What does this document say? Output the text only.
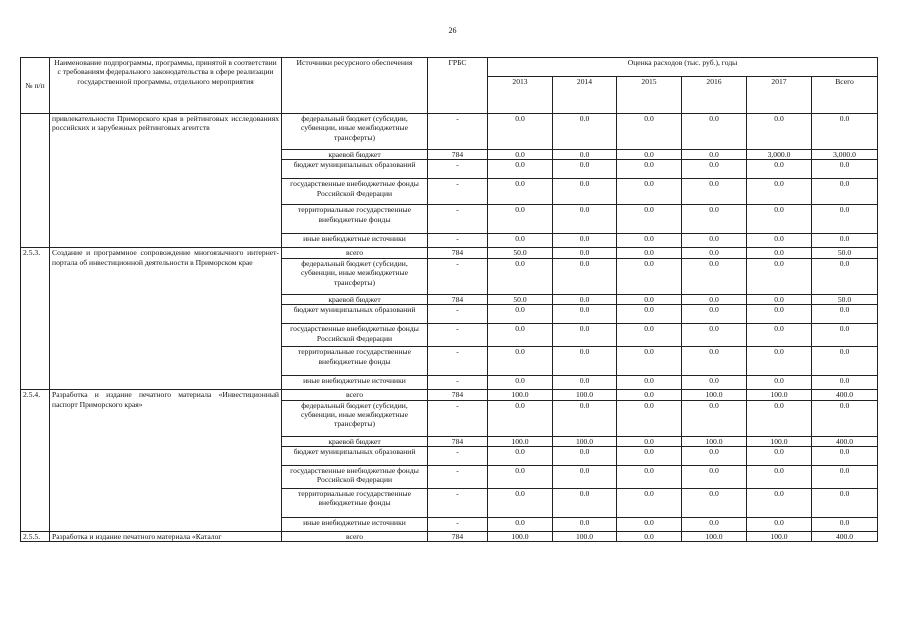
26
№ п/п	Наименование подпрограммы, программы, принятой в соответствии с требованиям федерального законодательства в сфере реализации государственной программы, отдельного мероприятия	Источники ресурсного обеспечения	ГРБС	Оценка расходов (тыс. руб.), годы					
				2013	2014	2015	2016	2017	Всего
	привлекательности Приморского края в рейтинговых исследованиях российских и зарубежных рейтинговых агентств	федеральный бюджет (субсидии, субвенции, иные межбюджетные трансферты)	-	0.0	0.0	0.0	0.0	0.0	0.0
		краевой бюджет	784	0.0	0.0	0.0	0.0	3,000.0	3,000.0
		бюджет муниципальных образований	-	0.0	0.0	0.0	0.0	0.0	0.0
		государственные внебюджетные фонды Российской Федерации	-	0.0	0.0	0.0	0.0	0.0	0.0
		территориальные государственные внебюджетные фонды	-	0.0	0.0	0.0	0.0	0.0	0.0
		иные внебюджетные источники	-	0.0	0.0	0.0	0.0	0.0	0.0
2.5.3.	Создание и программное сопровождение многоязычного интернет-портала об инвестиционной деятельности в Приморском крае	всего	784	50.0	0.0	0.0	0.0	0.0	50.0
		федеральный бюджет (субсидии, субвенции, иные межбюджетные трансферты)	-	0.0	0.0	0.0	0.0	0.0	0.0
		краевой бюджет	784	50.0	0.0	0.0	0.0	0.0	50.0
		бюджет муниципальных образований	-	0.0	0.0	0.0	0.0	0.0	0.0
		государственные внебюджетные фонды Российской Федерации	-	0.0	0.0	0.0	0.0	0.0	0.0
		территориальные государственные внебюджетные фонды	-	0.0	0.0	0.0	0.0	0.0	0.0
		иные внебюджетные источники	-	0.0	0.0	0.0	0.0	0.0	0.0
2.5.4.	Разработка и издание печатного материала «Инвестиционный паспорт Приморского края»	всего	784	100.0	100.0	0.0	100.0	100.0	400.0
		федеральный бюджет (субсидии, субвенции, иные межбюджетные трансферты)	-	0.0	0.0	0.0	0.0	0.0	0.0
		краевой бюджет	784	100.0	100.0	0.0	100.0	100.0	400.0
		бюджет муниципальных образований	-	0.0	0.0	0.0	0.0	0.0	0.0
		государственные внебюджетные фонды Российской Федерации	-	0.0	0.0	0.0	0.0	0.0	0.0
		территориальные государственные внебюджетные фонды	-	0.0	0.0	0.0	0.0	0.0	0.0
		иные внебюджетные источники	-	0.0	0.0	0.0	0.0	0.0	0.0
2.5.5.	Разработка и издание печатного материала «Каталог	всего	784	100.0	100.0	0.0	100.0	100.0	400.0
